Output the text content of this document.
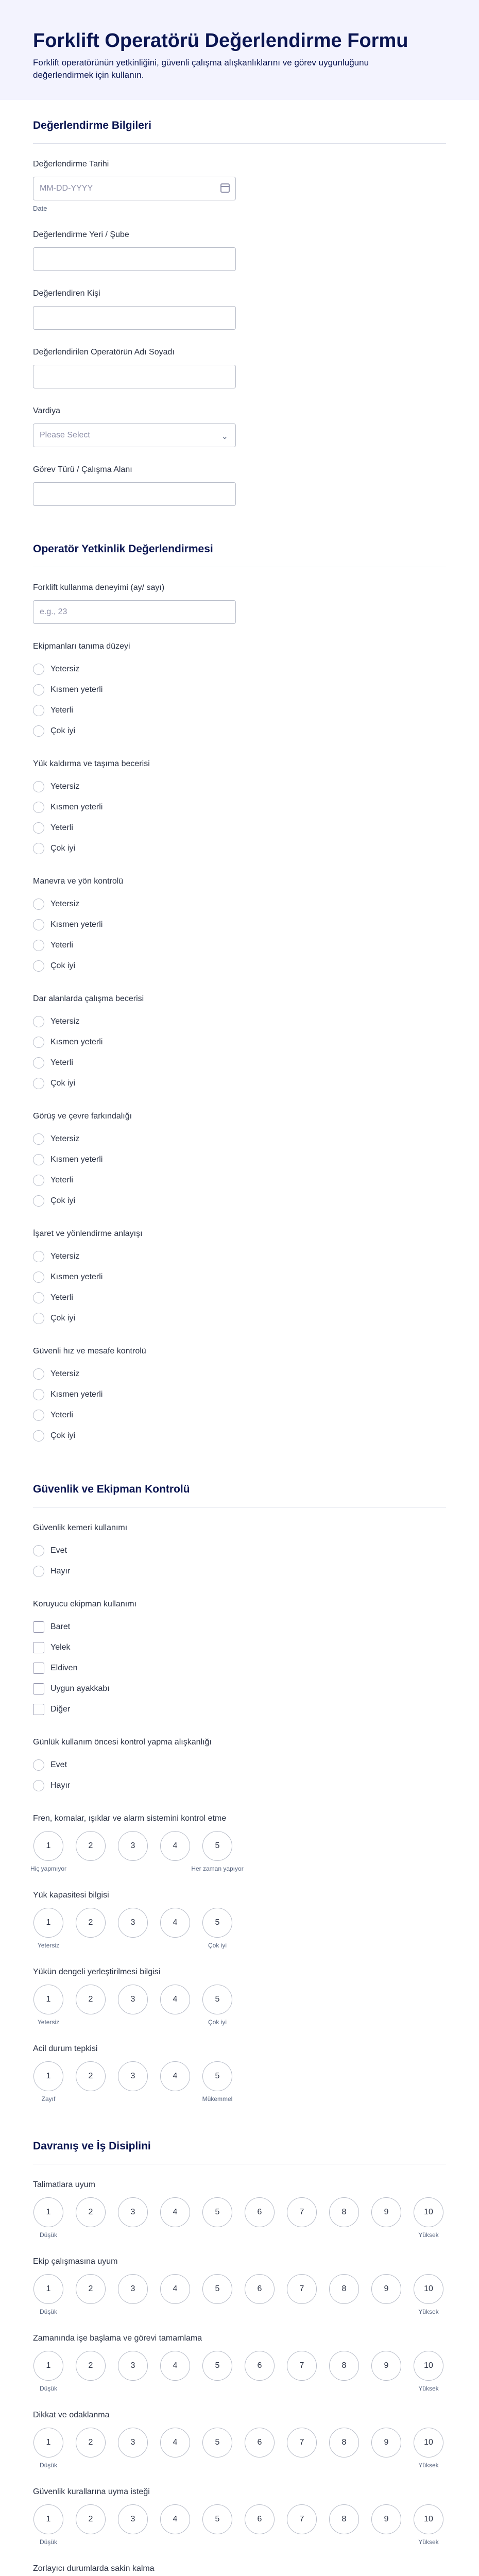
Forklift Operatörü Değerlendirme Formu

Forklift operatörünün yetkinliğini, güvenli çalışma alışkanlıklarını ve görev uygunluğunu değerlendirmek için kullanın.

Değerlendirme Bilgileri
Değerlendirme Tarihi
MM-DD-YYYY
Date
Değerlendirme Yeri / Şube
Değerlendiren Kişi
Değerlendirilen Operatörün Adı Soyadı
Vardiya
Please Select	⌄
Görev Türü / Çalışma Alanı
Operatör Yetkinlik Değerlendirmesi
Forklift kullanma deneyimi (ay/ sayı)
e.g., 23
Ekipmanları tanıma düzeyi
Yetersiz
Kısmen yeterli
Yeterli
Çok iyi
Yük kaldırma ve taşıma becerisi
Yetersiz
Kısmen yeterli
Yeterli
Çok iyi
Manevra ve yön kontrolü
Yetersiz
Kısmen yeterli
Yeterli
Çok iyi
Dar alanlarda çalışma becerisi
Yetersiz
Kısmen yeterli
Yeterli
Çok iyi
Görüş ve çevre farkındalığı
Yetersiz
Kısmen yeterli
Yeterli
Çok iyi
İşaret ve yönlendirme anlayışı
Yetersiz
Kısmen yeterli
Yeterli
Çok iyi
Güvenli hız ve mesafe kontrolü
Yetersiz
Kısmen yeterli
Yeterli
Çok iyi
Güvenlik ve Ekipman Kontrolü
Güvenlik kemeri kullanımı
Evet
Hayır
Koruyucu ekipman kullanımı
Baret
Yelek
Eldiven
Uygun ayakkabı
Diğer
Günlük kullanım öncesi kontrol yapma alışkanlığı
Evet
Hayır
Fren, kornalar, ışıklar ve alarm sistemini kontrol etme
1
Hiç yapmıyor
2	3	4	5
Her zaman yapıyor
Yük kapasitesi bilgisi
1
Yetersiz
2	3	4	5
Çok iyi
Yükün dengeli yerleştirilmesi bilgisi
1
Yetersiz
2	3	4	5
Çok iyi
Acil durum tepkisi
1
Zayıf
2	3	4	5
Mükemmel
Davranış ve İş Disiplini
Talimatlara uyum
1
Düşük
2	3	4	5	6	7	8	9	10
Yüksek
Ekip çalışmasına uyum
1
Düşük
2	3	4	5	6	7	8	9	10
Yüksek
Zamanında işe başlama ve görevi tamamlama
1
Düşük
2	3	4	5	6	7	8	9	10
Yüksek
Dikkat ve odaklanma
1
Düşük
2	3	4	5	6	7	8	9	10
Yüksek
Güvenlik kurallarına uyma isteği
1
Düşük
2	3	4	5	6	7	8	9	10
Yüksek
Zorlayıcı durumlarda sakin kalma
